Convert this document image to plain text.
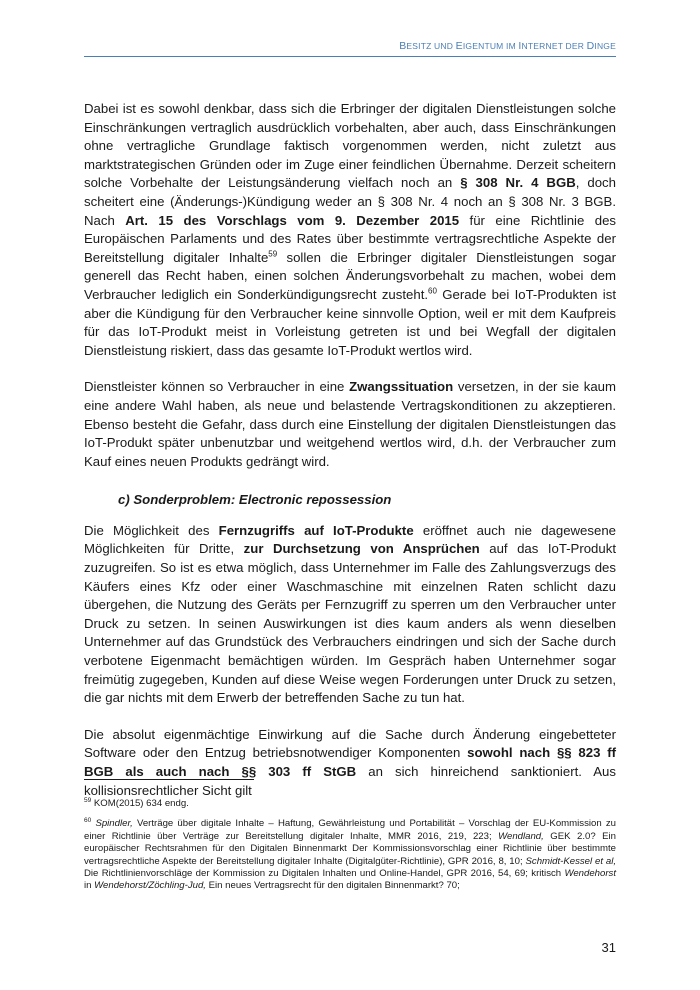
BESITZ UND EIGENTUM IM INTERNET DER DINGE

Dabei ist es sowohl denkbar, dass sich die Erbringer der digitalen Dienstleistungen solche Einschränkungen vertraglich ausdrücklich vorbehalten, aber auch, dass Einschränkungen ohne vertragliche Grundlage faktisch vorgenommen werden, nicht zuletzt aus marktstrategischen Gründen oder im Zuge einer feindlichen Übernahme. Derzeit scheitern solche Vorbehalte der Leistungsänderung vielfach noch an § 308 Nr. 4 BGB, doch scheitert eine (Änderungs-)Kündigung weder an § 308 Nr. 4 noch an § 308 Nr. 3 BGB. Nach Art. 15 des Vorschlags vom 9. Dezember 2015 für eine Richtlinie des Europäischen Parlaments und des Rates über bestimmte vertragsrechtliche Aspekte der Bereitstellung digitaler Inhalte$^{59}$ sollen die Erbringer digitaler Dienstleistungen sogar generell das Recht haben, einen solchen Änderungsvorbehalt zu machen, wobei dem Verbraucher lediglich ein Sonderkündigungsrecht zusteht.$^{60}$ Gerade bei IoT-Produkten ist aber die Kündigung für den Verbraucher keine sinnvolle Option, weil er mit dem Kaufpreis für das IoT-Produkt meist in Vorleistung getreten ist und bei Wegfall der digitalen Dienstleistung riskiert, dass das gesamte IoT-Produkt wertlos wird.

Dienstleister können so Verbraucher in eine Zwangssituation versetzen, in der sie kaum eine andere Wahl haben, als neue und belastende Vertragskonditionen zu akzeptieren. Ebenso besteht die Gefahr, dass durch eine Einstellung der digitalen Dienstleistungen das IoT-Produkt später unbenutzbar und weitgehend wertlos wird, d.h. der Verbraucher zum Kauf eines neuen Produkts gedrängt wird.

c) Sonderproblem: Electronic repossession

Die Möglichkeit des Fernzugriffs auf IoT-Produkte eröffnet auch nie dagewesene Möglichkeiten für Dritte, zur Durchsetzung von Ansprüchen auf das IoT-Produkt zuzugreifen. So ist es etwa möglich, dass Unternehmer im Falle des Zahlungsverzugs des Käufers eines Kfz oder einer Waschmaschine mit einzelnen Raten schlicht dazu übergehen, die Nutzung des Geräts per Fernzugriff zu sperren um den Verbraucher unter Druck zu setzen. In seinen Auswirkungen ist dies kaum anders als wenn dieselben Unternehmer auf das Grundstück des Verbrauchers eindringen und sich der Sache durch verbotene Eigenmacht bemächtigen würden. Im Gespräch haben Unternehmer sogar freimütig zugegeben, Kunden auf diese Weise wegen Forderungen unter Druck zu setzen, die gar nichts mit dem Erwerb der betreffenden Sache zu tun hat.

Die absolut eigenmächtige Einwirkung auf die Sache durch Änderung eingebetteter Software oder den Entzug betriebsnotwendiger Komponenten sowohl nach §§ 823 ff BGB als auch nach §§ 303 ff StGB an sich hinreichend sanktioniert. Aus kollisionsrechtlicher Sicht gilt

$^{59}$ KOM(2015) 634 endg.

$^{60}$ Spindler, Verträge über digitale Inhalte – Haftung, Gewährleistung und Portabilität – Vorschlag der EU-Kommission zu einer Richtlinie über Verträge zur Bereitstellung digitaler Inhalte, MMR 2016, 219, 223; Wendland, GEK 2.0? Ein europäischer Rechtsrahmen für den Digitalen Binnenmarkt Der Kommissionsvorschlag einer Richtlinie über bestimmte vertragsrechtliche Aspekte der Bereitstellung digitaler Inhalte (Digitalgüter-Richtlinie), GPR 2016, 8, 10; Schmidt-Kessel et al, Die Richtlinienvorschläge der Kommission zu Digitalen Inhalten und Online-Handel, GPR 2016, 54, 69; kritisch Wendehorst in Wendehorst/Zöchling-Jud, Ein neues Vertragsrecht für den digitalen Binnenmarkt? 70;

31
